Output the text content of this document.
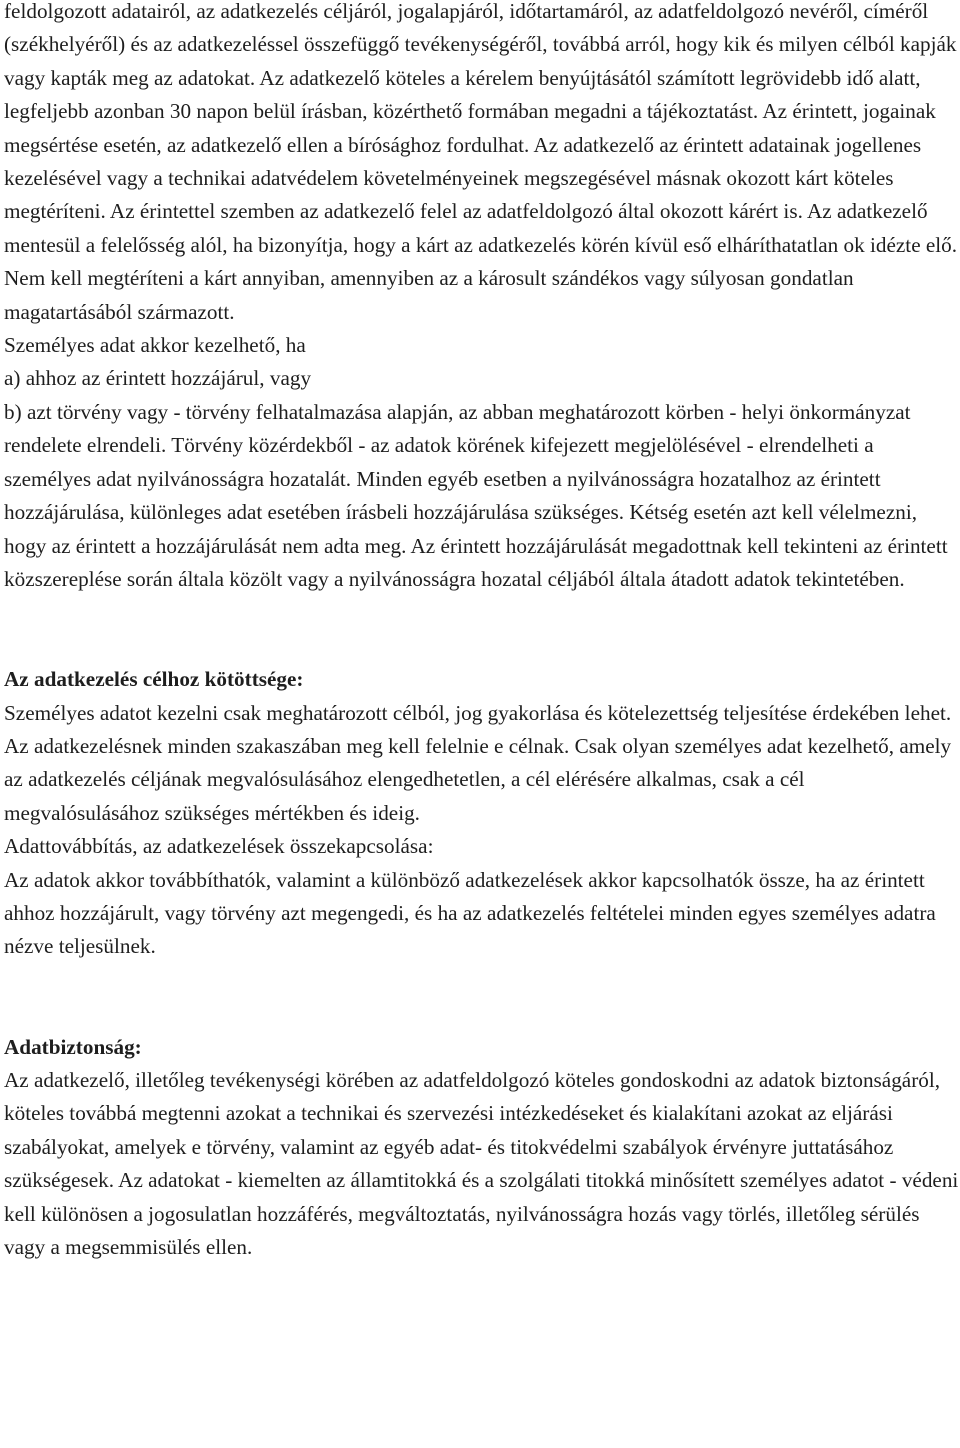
feldolgozott adatairól, az adatkezelés céljáról, jogalapjáról, időtartamáról, az adatfeldolgozó nevéről, címéről (székhelyéről) és az adatkezeléssel összefüggő tevékenységéről, továbbá arról, hogy kik és milyen célból kapják vagy kapták meg az adatokat. Az adatkezelő köteles a kérelem benyújtásától számított legrövidebb idő alatt, legfeljebb azonban 30 napon belül írásban, közérthető formában megadni a tájékoztatást. Az érintett, jogainak megsértése esetén, az adatkezelő ellen a bírósághoz fordulhat. Az adatkezelő az érintett adatainak jogellenes kezelésével vagy a technikai adatvédelem követelményeinek megszegésével másnak okozott kárt köteles megtéríteni. Az érintettel szemben az adatkezelő felel az adatfeldolgozó által okozott kárért is. Az adatkezelő mentesül a felelősség alól, ha bizonyítja, hogy a kárt az adatkezelés körén kívül eső elháríthatatlan ok idézte elő. Nem kell megtéríteni a kárt annyiban, amennyiben az a károsult szándékos vagy súlyosan gondatlan magatartásából származott.

Személyes adat akkor kezelhető, ha

a) ahhoz az érintett hozzájárul, vagy

b) azt törvény vagy - törvény felhatalmazása alapján, az abban meghatározott körben - helyi önkormányzat rendelete elrendeli. Törvény közérdekből - az adatok körének kifejezett megjelölésével - elrendelheti a személyes adat nyilvánosságra hozatalát. Minden egyéb esetben a nyilvánosságra hozatalhoz az érintett hozzájárulása, különleges adat esetében írásbeli hozzájárulása szükséges. Kétség esetén azt kell vélelmezni, hogy az érintett a hozzájárulását nem adta meg. Az érintett hozzájárulását megadottnak kell tekinteni az érintett közszereplése során általa közölt vagy a nyilvánosságra hozatal céljából általa átadott adatok tekintetében.

Az adatkezelés célhoz kötöttsége:

Személyes adatot kezelni csak meghatározott célból, jog gyakorlása és kötelezettség teljesítése érdekében lehet. Az adatkezelésnek minden szakaszában meg kell felelnie e célnak. Csak olyan személyes adat kezelhető, amely az adatkezelés céljának megvalósulásához elengedhetetlen, a cél elérésére alkalmas, csak a cél megvalósulásához szükséges mértékben és ideig.

Adattovábbítás, az adatkezelések összekapcsolása:

Az adatok akkor továbbíthatók, valamint a különböző adatkezelések akkor kapcsolhatók össze, ha az érintett ahhoz hozzájárult, vagy törvény azt megengedi, és ha az adatkezelés feltételei minden egyes személyes adatra nézve teljesülnek.

Adatbiztonság:

Az adatkezelő, illetőleg tevékenységi körében az adatfeldolgozó köteles gondoskodni az adatok biztonságáról, köteles továbbá megtenni azokat a technikai és szervezési intézkedéseket és kialakítani azokat az eljárási szabályokat, amelyek e törvény, valamint az egyéb adat- és titokvédelmi szabályok érvényre juttatásához szükségesek. Az adatokat - kiemelten az államtitokká és a szolgálati titokká minősített személyes adatot - védeni kell különösen a jogosulatlan hozzáférés, megváltoztatás, nyilvánosságra hozás vagy törlés, illetőleg sérülés vagy a megsemmisülés ellen.
